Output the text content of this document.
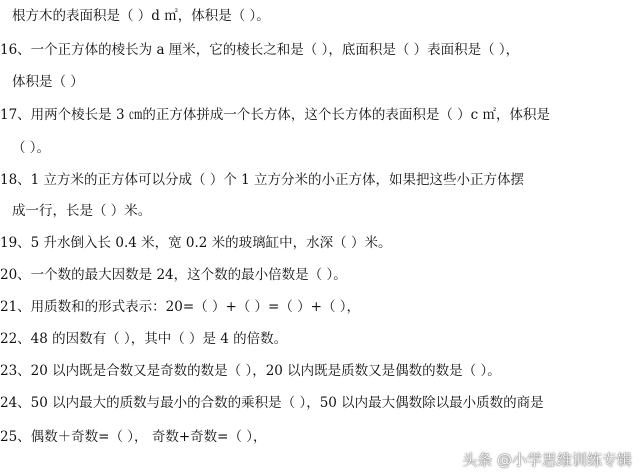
根方木的表面积是（ ）d ㎡，体积是（ ）。
16、一个正方体的棱长为 a 厘米，它的棱长之和是（ ），底面积是（ ）表面积是（ ），
体积是（ ）
17、用两个棱长是 3 ㎝的正方体拼成一个长方体，这个长方体的表面积是（ ）c ㎡，体积是
（ ）。
18、1 立方米的正方体可以分成（ ）个 1 立方分米的小正方体，如果把这些小正方体摆
成一行，长是（ ）米。
19、5 升水倒入长 0.4 米，宽 0.2 米的玻璃缸中，水深（ ）米。
20、一个数的最大因数是 24，这个数的最小倍数是（ ）。
21、用质数和的形式表示：20=（ ）+（ ）=（ ）+（ ），
22、48 的因数有（ ），其中（ ）是 4 的倍数。
23、20 以内既是合数又是奇数的数是（ ），20 以内既是质数又是偶数的数是（ ）。
24、50 以内最大的质数与最小的合数的乘积是（ ），50 以内最大偶数除以最小质数的商是
25、偶数＋奇数=（ ）， 奇数+奇数=（ ），
头条 @小学思维训练专辑
